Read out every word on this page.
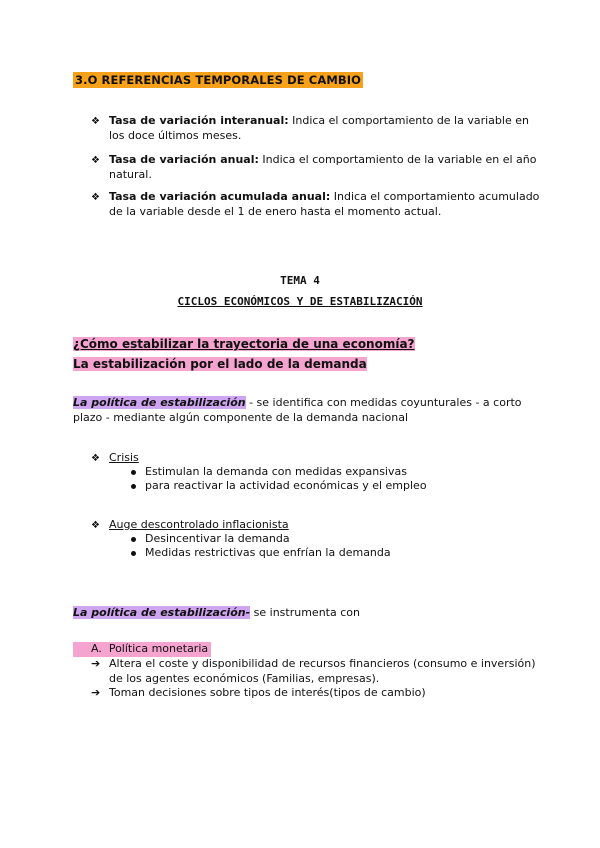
3.O REFERENCIAS TEMPORALES DE CAMBIO
❖ Tasa de variación interanual: Indica el comportamiento de la variable en
los doce últimos meses.
❖ Tasa de variación anual: Indica el comportamiento de la variable en el año
natural.
❖ Tasa de variación acumulada anual: Indica el comportamiento acumulado
de la variable desde el 1 de enero hasta el momento actual.
TEMA 4
CICLOS ECONÓMICOS Y DE ESTABILIZACIÓN
¿Cómo estabilizar la trayectoria de una economía?
La estabilización por el lado de la demanda
La política de estabilización - se identifica con medidas coyunturales - a corto
plazo - mediante algún componente de la demanda nacional
❖ Crisis
Estimulan la demanda con medidas expansivas
para reactivar la actividad económicas y el empleo
❖ Auge descontrolado inflacionista
Desincentivar la demanda
Medidas restrictivas que enfrían la demanda
La política de estabilización- se instrumenta con
A. Política monetaria
➔ Altera el coste y disponibilidad de recursos financieros (consumo e inversión)
de los agentes económicos (Familias, empresas).
➔ Toman decisiones sobre tipos de interés(tipos de cambio)
